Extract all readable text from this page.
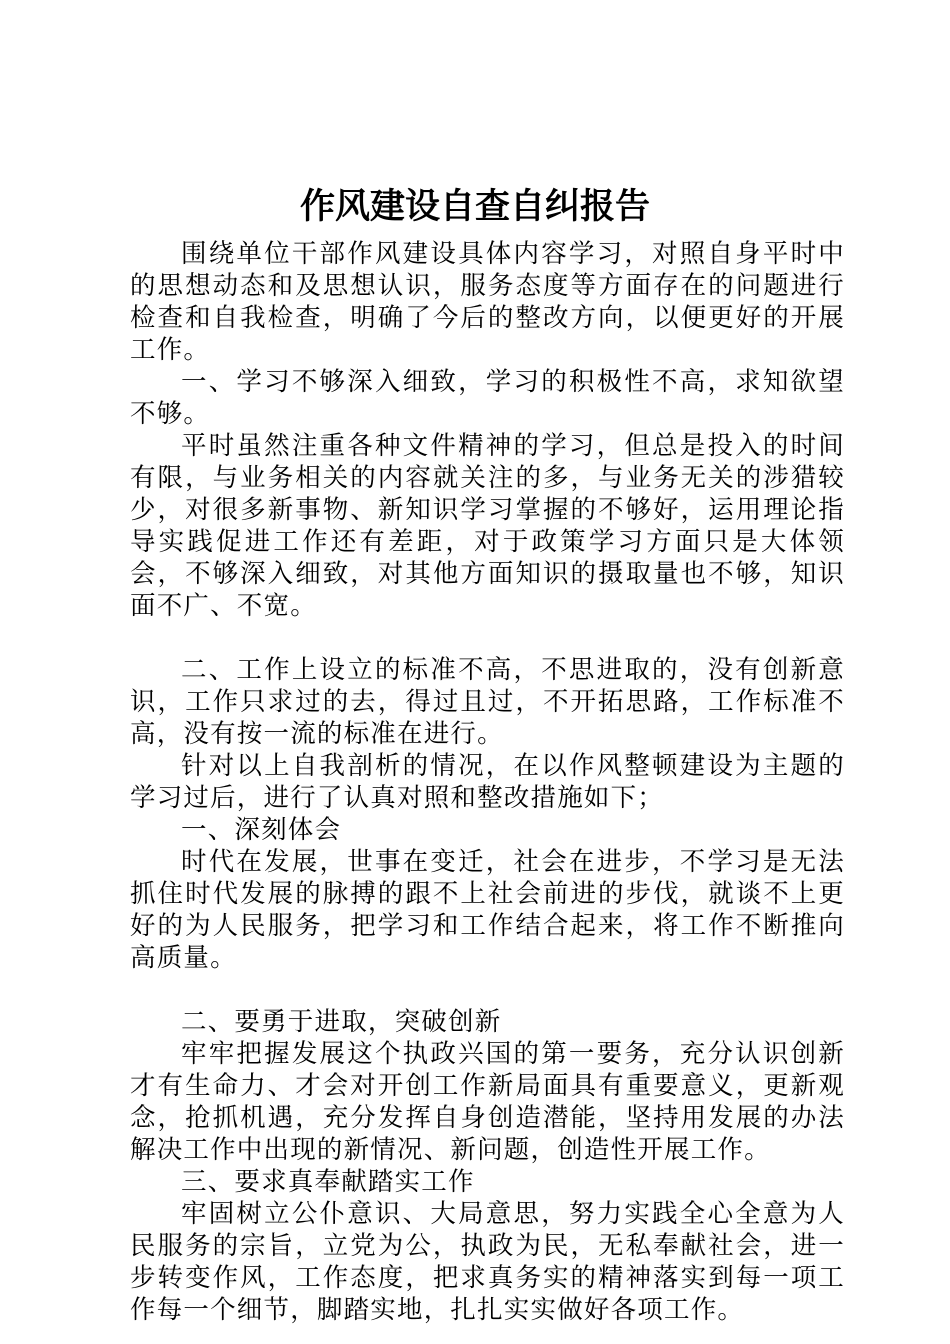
作风建设自查自纠报告

围绕单位干部作风建设具体内容学习，对照自身平时中的思想动态和及思想认识，服务态度等方面存在的问题进行检查和自我检查，明确了今后的整改方向，以便更好的开展工作。

一、学习不够深入细致，学习的积极性不高，求知欲望不够。

平时虽然注重各种文件精神的学习，但总是投入的时间有限，与业务相关的内容就关注的多，与业务无关的涉猎较少，对很多新事物、新知识学习掌握的不够好，运用理论指导实践促进工作还有差距，对于政策学习方面只是大体领会，不够深入细致，对其他方面知识的摄取量也不够，知识面不广、不宽。

二、工作上设立的标准不高，不思进取的，没有创新意识，工作只求过的去，得过且过，不开拓思路，工作标准不高，没有按一流的标准在进行。

针对以上自我剖析的情况，在以作风整顿建设为主题的学习过后，进行了认真对照和整改措施如下；

一、深刻体会

时代在发展，世事在变迁，社会在进步，不学习是无法抓住时代发展的脉搏的跟不上社会前进的步伐，就谈不上更好的为人民服务，把学习和工作结合起来，将工作不断推向高质量。

二、要勇于进取，突破创新

牢牢把握发展这个执政兴国的第一要务，充分认识创新才有生命力、才会对开创工作新局面具有重要意义，更新观念，抢抓机遇，充分发挥自身创造潜能，坚持用发展的办法解决工作中出现的新情况、新问题，创造性开展工作。

三、要求真奉献踏实工作

牢固树立公仆意识、大局意思，努力实践全心全意为人民服务的宗旨，立党为公，执政为民，无私奉献社会，进一步转变作风，工作态度，把求真务实的精神落实到每一项工作每一个细节，脚踏实地，扎扎实实做好各项工作。
